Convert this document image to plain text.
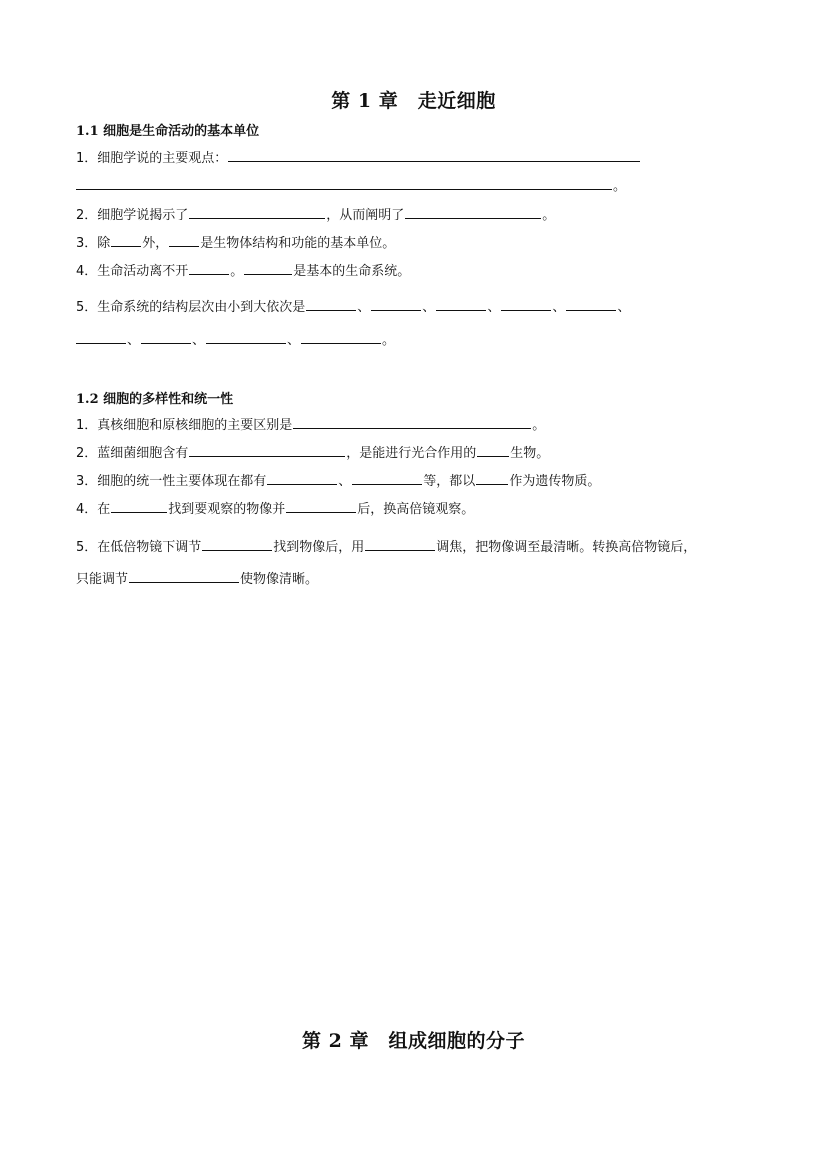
第 1 章　走近细胞
1.1 细胞是生命活动的基本单位
1．细胞学说的主要观点：
。
2．细胞学说揭示了	，从而阐明了	。
3．除 外， 是生物体结构和功能的基本单位。
4．生命活动离不开	。	是基本的生命系统。
5．生命系统的结构层次由小到大依次是	、	、	、	、	、
、	、	、	。
1.2 细胞的多样性和统一性
1．真核细胞和原核细胞的主要区别是	。
2．蓝细菌细胞含有	，是能进行光合作用的	生物。
3．细胞的统一性主要体现在都有	、	等，都以	作为遗传物质。
4．在	找到要观察的物像并	后，换高倍镜观察。
5．在低倍物镜下调节	找到物像后，用	调焦，把物像调至最清晰。转换高倍物镜后，
只能调节	使物像清晰。
第 2 章　组成细胞的分子
